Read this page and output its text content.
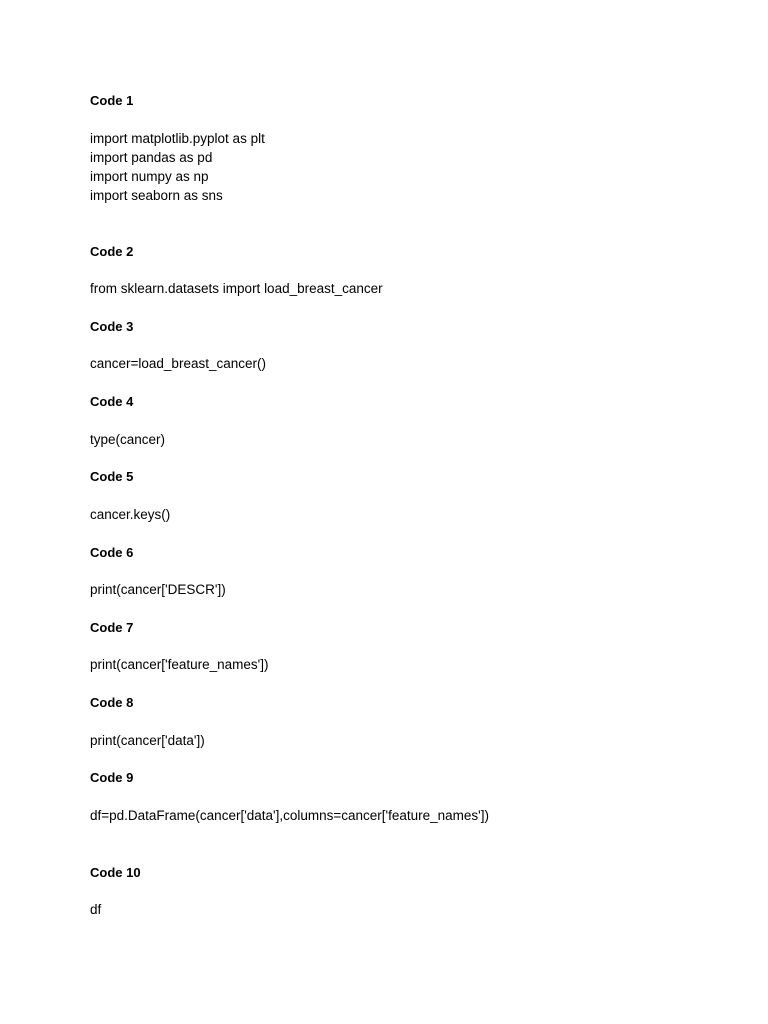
Code 1
import matplotlib.pyplot as plt
import pandas as pd
import numpy as np
import seaborn as sns
Code 2
from sklearn.datasets import load_breast_cancer
Code 3
cancer=load_breast_cancer()
Code 4
type(cancer)
Code 5
cancer.keys()
Code 6
print(cancer['DESCR'])
Code 7
print(cancer['feature_names'])
Code 8
print(cancer['data'])
Code 9
df=pd.DataFrame(cancer['data'],columns=cancer['feature_names'])
Code 10
df
